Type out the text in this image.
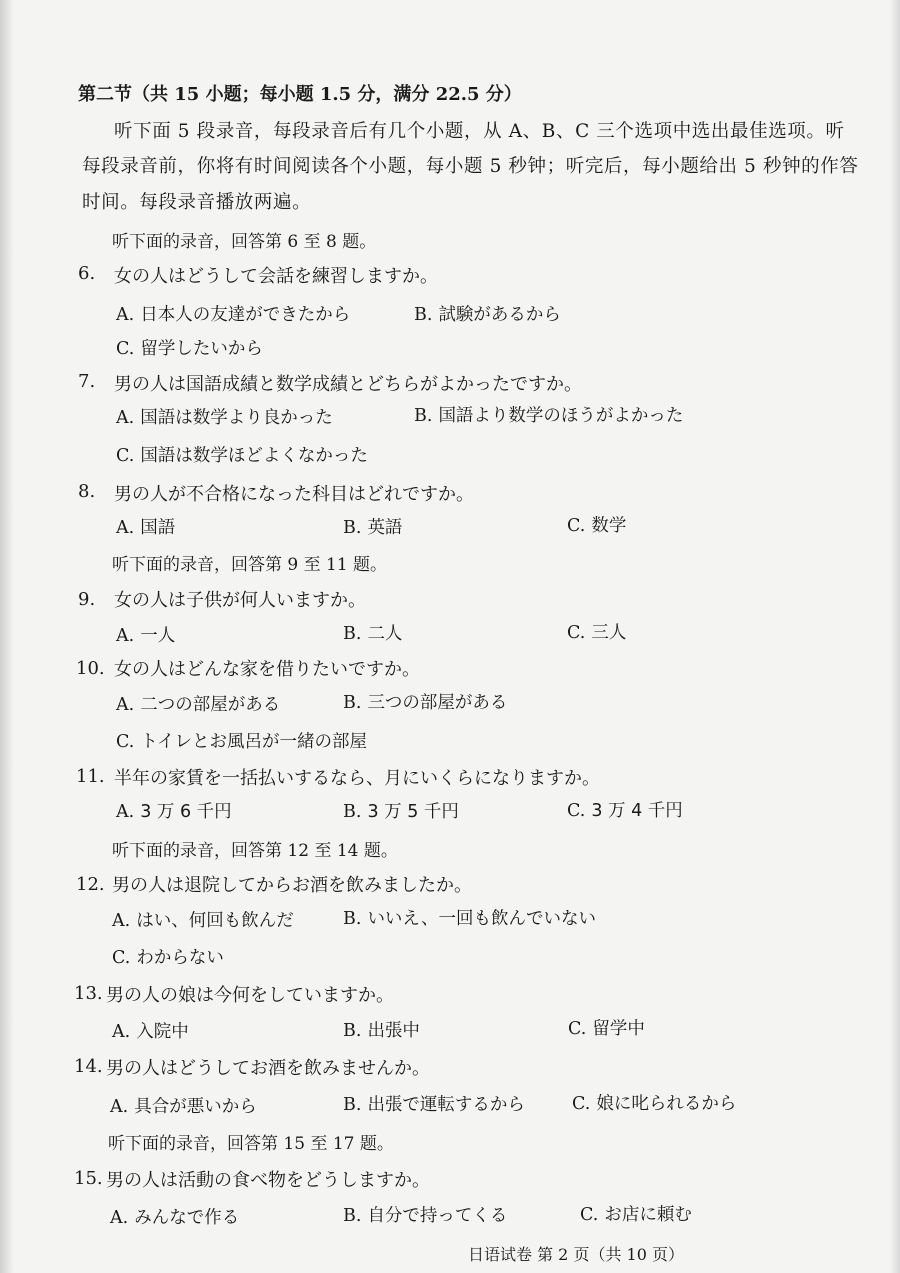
第二节（共 15 小题；每小题 1.5 分，满分 22.5 分）
听下面 5 段录音，每段录音后有几个小题，从 A、B、C 三个选项中选出最佳选项。听
每段录音前，你将有时间阅读各个小题，每小题 5 秒钟；听完后，每小题给出 5 秒钟的作答
时间。每段录音播放两遍。
听下面的录音，回答第 6 至 8 题。
6. 女の人はどうして会話を練習しますか。
A. 日本人の友達ができたから	B. 試験があるから
C. 留学したいから
7. 男の人は国語成績と数学成績とどちらがよかったですか。
A. 国語は数学より良かった	B. 国語より数学のほうがよかった
C. 国語は数学ほどよくなかった
8. 男の人が不合格になった科目はどれですか。
A. 国語	B. 英語	C. 数学
听下面的录音，回答第 9 至 11 题。
9. 女の人は子供が何人いますか。
A. 一人	B. 二人	C. 三人
10. 女の人はどんな家を借りたいですか。
A. 二つの部屋がある	B. 三つの部屋がある
C. トイレとお風呂が一緒の部屋
11. 半年の家賃を一括払いするなら、月にいくらになりますか。
A. 3 万 6 千円	B. 3 万 5 千円	C. 3 万 4 千円
听下面的录音，回答第 12 至 14 题。
12. 男の人は退院してからお酒を飲みましたか。
A. はい、何回も飲んだ	B. いいえ、一回も飲んでいない
C. わからない
13. 男の人の娘は今何をしていますか。
A. 入院中	B. 出張中	C. 留学中
14. 男の人はどうしてお酒を飲みませんか。
A. 具合が悪いから	B. 出張で運転するから	C. 娘に叱られるから
听下面的录音，回答第 15 至 17 题。
15. 男の人は活動の食べ物をどうしますか。
A. みんなで作る	B. 自分で持ってくる	C. お店に頼む
日语试卷 第 2 页（共 10 页）
